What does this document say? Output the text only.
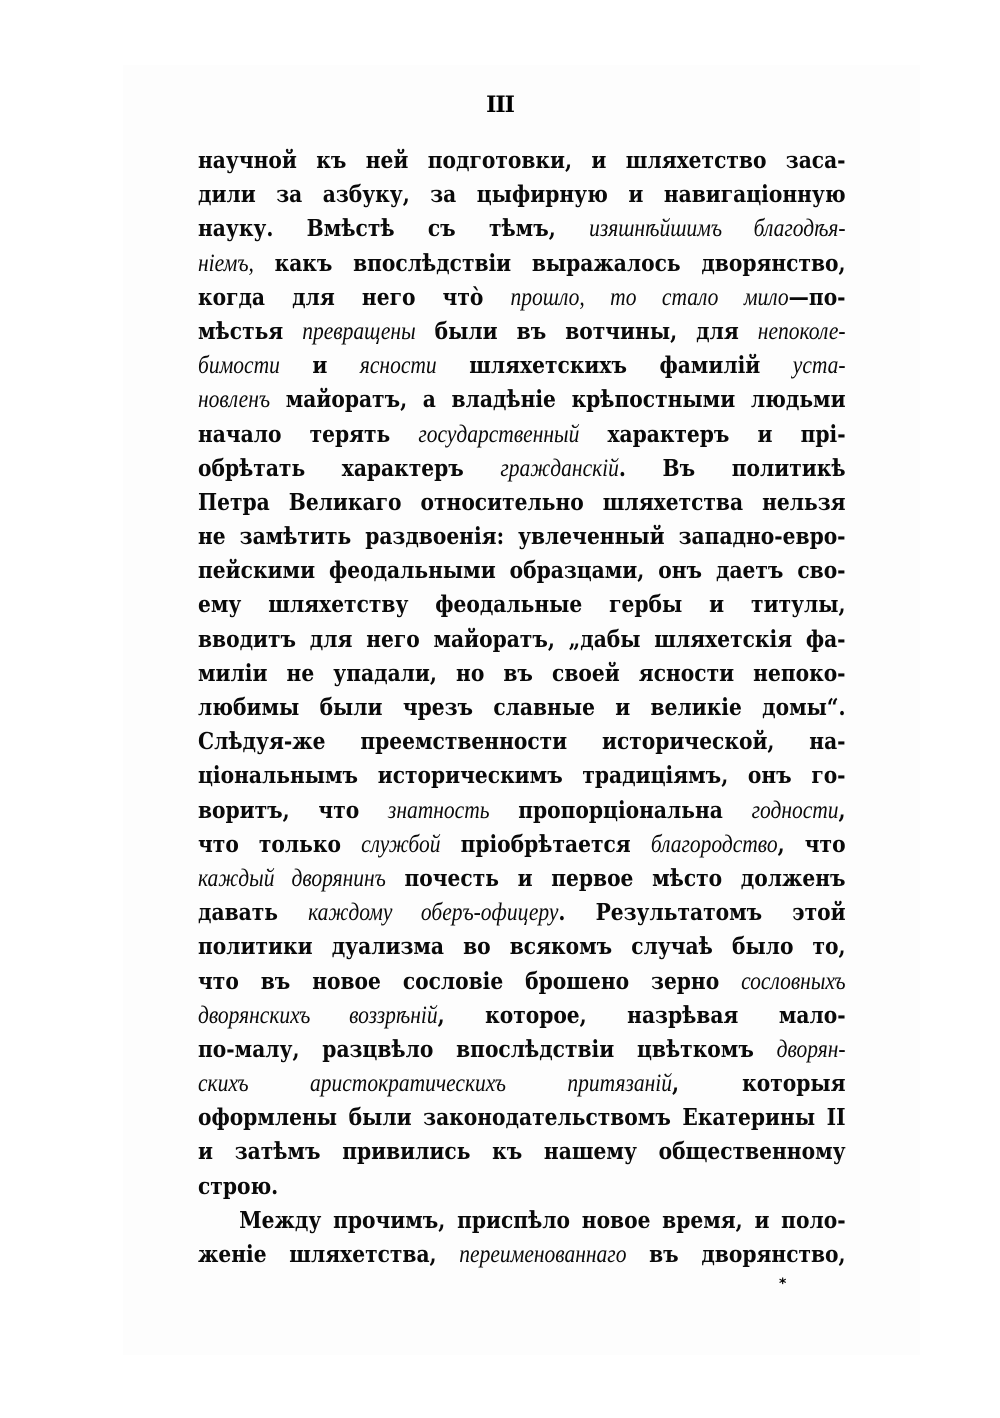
III
научной къ ней подготовки, и шляхетство заса-
дили за азбуку, за цыфирную и навигаціонную
науку. Вмѣстѣ съ тѣмъ, изяшнѣйшимъ благодѣя-
ніемъ, какъ впослѣдствіи выражалось дворянство,
когда для него что̀ прошло, то стало мило—по-
мѣстья превращены были въ вотчины, для непоколе-
бимости и ясности шляхетскихъ фамилій уста-
новленъ майоратъ, а владѣніе крѣпостными людьми
начало терять государственный характеръ и прі-
обрѣтать характеръ гражданскій. Въ политикѣ
Петра Великаго относительно шляхетства нельзя
не замѣтить раздвоенія: увлеченный западно-евро-
пейскими феодальными образцами, онъ даетъ сво-
ему шляхетству феодальные гербы и титулы,
вводитъ для него майоратъ, „дабы шляхетскія фа-
миліи не упадали, но въ своей ясности непоко-
любимы были чрезъ славные и великіе домы“.
Слѣдуя-же преемственности исторической, на-
ціональнымъ историческимъ традиціямъ, онъ го-
воритъ, что знатность пропорціональна годности,
что только службой пріобрѣтается благородство, что
каждый дворянинъ почесть и первое мѣсто долженъ
давать каждому оберъ-офицеру. Результатомъ этой
политики дуализма во всякомъ случаѣ было то,
что въ новое сословіе брошено зерно сословныхъ
дворянскихъ воззрѣній, которое, назрѣвая мало-
по-малу, разцвѣло впослѣдствіи цвѣткомъ дворян-
скихъ аристократическихъ притязаній, которыя
оформлены были законодательствомъ Екатерины II
и затѣмъ привились къ нашему общественному
строю.
Между прочимъ, приспѣло новое время, и поло-
женіе шляхетства, переименованнаго въ дворянство,
*
